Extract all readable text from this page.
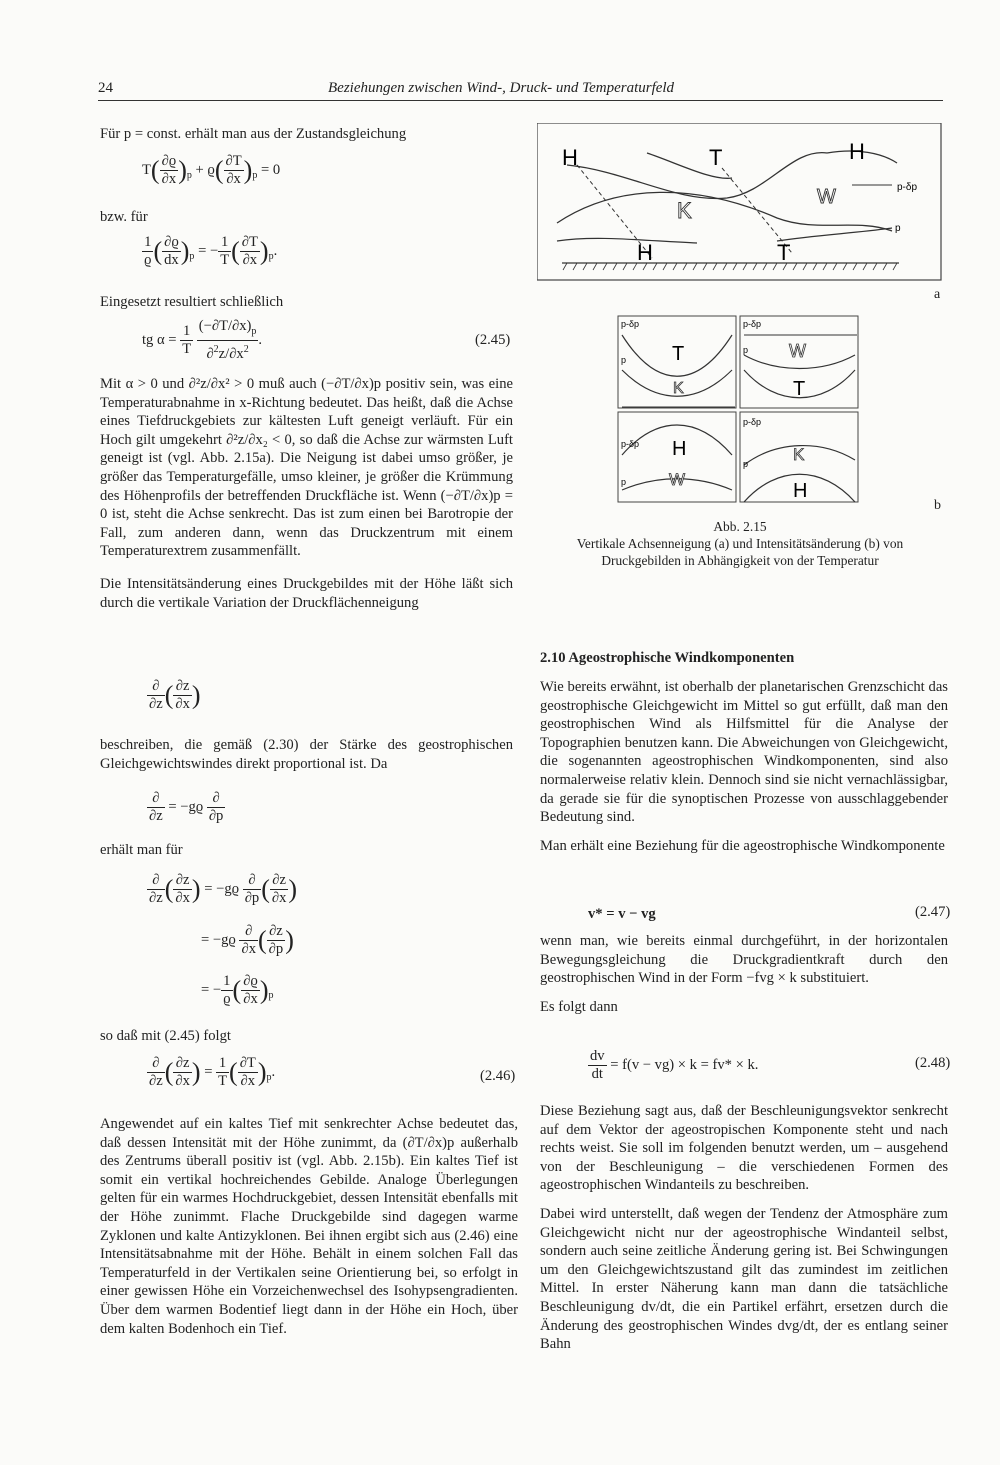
24	Beziehungen zwischen Wind-, Druck- und Temperaturfeld

Für p = const. erhält man aus der Zustandsgleichung

$T( \frac{\partial ϱ}{\partial x} )_p + ϱ( \frac{\partial T}{\partial x} )_p = 0$

bzw. für

$\frac{1}{ϱ}$ ( $\frac{\partial ϱ}{dx} )_p$ = − $\frac{1}{T}$ ( $\frac{\partial T}{\partial x} )_p$.

Eingesetzt resultiert schließlich

tg $\alpha = \frac{1}{T}$
$\frac{(-\partial T/\partial x)_p}{\partial^2z/\partial x^2}$ .	(2.45)

Mit α > 0 und ∂²z/∂x² > 0 muß auch (−∂T/∂x)p positiv sein, was eine Temperaturabnahme in x-Richtung bedeutet. Das heißt, daß die Achse eines Tiefdruckgebiets zur kältesten Luft geneigt verläuft. Für ein Hoch gilt umgekehrt ∂²z/∂x₂ < 0, so daß die Achse zur wärmsten Luft geneigt ist (vgl. Abb. 2.15a). Die Neigung ist dabei umso größer, je größer das Temperaturgefälle, umso kleiner, je größer die Krümmung des Höhenprofils der betreffenden Druckfläche ist. Wenn (−∂T/∂x)p = 0 ist, steht die Achse senkrecht. Das ist zum einen bei Barotropie der Fall, zum anderen dann, wenn das Druckzentrum mit einem Temperaturextrem zusammenfällt.

Die Intensitätsänderung eines Druckgebildes mit der Höhe läßt sich durch die vertikale Variation der Druckflächenneigung

$\frac{\partial}{\partial z}$ ( $\frac{\partial z}{\partial x}$ )

beschreiben, die gemäß (2.30) der Stärke des geostrophischen Gleichgewichtswindes direkt proportional ist. Da

$\frac{\partial}{\partial z} = -gϱ \frac{\partial}{\partial p}$

erhält man für

$\frac{\partial}{\partial z}$ ( $\frac{\partial z}{\partial x}$ ) = $-gϱ \frac{\partial}{\partial p}$ ( $\frac{\partial z}{\partial x}$ )
= $-gϱ \frac{\partial}{\partial x}$ ( $\frac{\partial z}{\partial p}$ )
= − $\frac{1}{ϱ}$ ( $\frac{\partial ϱ}{\partial x} )_p$

so daß mit (2.45) folgt

$\frac{\partial}{\partial z}$ ( $\frac{\partial z}{\partial x}$ ) = $\frac{1}{T}$ ( $\frac{\partial T}{\partial x} )_p$.	(2.46)

Angewendet auf ein kaltes Tief mit senkrechter Achse bedeutet das, daß dessen Intensität mit der Höhe zunimmt, da (∂T/∂x)p außerhalb des Zentrums überall positiv ist (vgl. Abb. 2.15b). Ein kaltes Tief ist somit ein vertikal hochreichendes Gebilde. Analoge Überlegungen gelten für ein warmes Hochdruckgebiet, dessen Intensität ebenfalls mit der Höhe zunimmt. Flache Druckgebilde sind dagegen warme Zyklonen und kalte Antizyklonen. Bei ihnen ergibt sich aus (2.46) eine Intensitätsabnahme mit der Höhe. Behält in einem solchen Fall das Temperaturfeld in der Vertikalen seine Orientierung bei, so erfolgt in einer gewissen Höhe ein Vorzeichenwechsel des Isohypsengradienten. Über dem warmen Bodentief liegt dann in der Höhe ein Hoch, über dem kalten Bodenhoch ein Tief.

H	T	H
K
W
H	T
p-δp
p
a
p-δp
p T
K
p-δp
p W
T
p-δp
p
H
W
p-δp
p	K
H
b
Abb. 2.15
Vertikale Achsenneigung (a) und Intensitätsänderung (b) von Druckgebilden in Abhängigkeit von der Temperatur
2.10 Ageostrophische Windkomponenten

Wie bereits erwähnt, ist oberhalb der planetarischen Grenzschicht das geostrophische Gleichgewicht im Mittel so gut erfüllt, daß man den geostrophischen Wind als Hilfsmittel für die Analyse der Topographien benutzen kann. Die Abweichungen von Gleichgewicht, die sogenannten ageostrophischen Windkomponenten, sind also normalerweise relativ klein. Dennoch sind sie nicht vernachlässigbar, da gerade sie für die synoptischen Prozesse von ausschlaggebender Bedeutung sind.

Man erhält eine Beziehung für die ageostrophische Windkomponente

v* = v − vg	(2.47)

wenn man, wie bereits einmal durchgeführt, in der horizontalen Bewegungsgleichung die Druckgradientkraft durch den geostrophischen Wind in der Form −fvg × k substituiert.

Es folgt dann

$\frac{dv}{dt} = f(v - vg) \times k = fv* \times k$.	(2.48)

Diese Beziehung sagt aus, daß der Beschleunigungsvektor senkrecht auf dem Vektor der ageostropischen Komponente steht und nach rechts weist. Sie soll im folgenden benutzt werden, um – ausgehend von der Beschleunigung – die verschiedenen Formen des ageostrophischen Windanteils zu beschreiben.

Dabei wird unterstellt, daß wegen der Tendenz der Atmosphäre zum Gleichgewicht nicht nur der ageostrophische Windanteil selbst, sondern auch seine zeitliche Änderung gering ist. Bei Schwingungen um den Gleichgewichtszustand gilt das zumindest im zeitlichen Mittel. In erster Näherung kann man dann die tatsächliche Beschleunigung dv/dt, die ein Partikel erfährt, ersetzen durch die Änderung des geostrophischen Windes dvg/dt, der es entlang seiner Bahn
